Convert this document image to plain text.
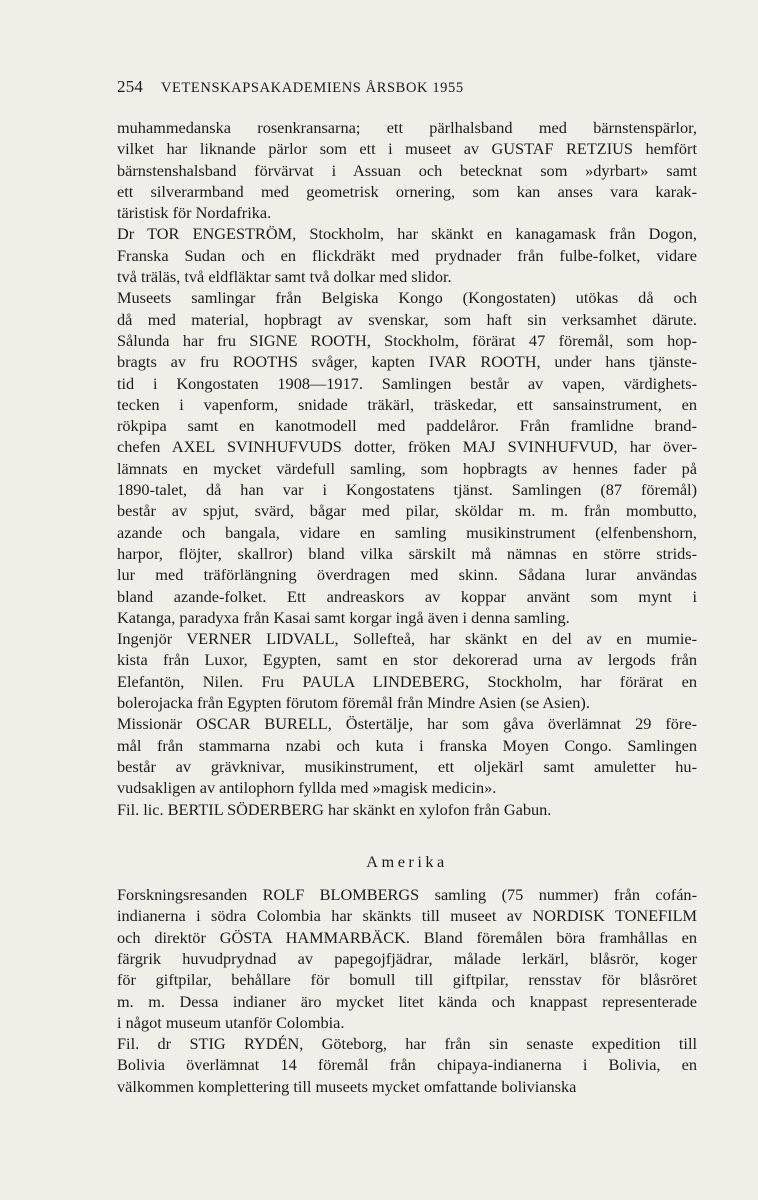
254 VETENSKAPSAKADEMIENS ÅRSBOK 1955
muhammedanska rosenkransarna; ett pärlhalsband med bärnstenspärlor,
vilket har liknande pärlor som ett i museet av GUSTAF RETZIUS hemfört
bärnstenshalsband förvärvat i Assuan och betecknat som »dyrbart» samt
ett silverarmband med geometrisk ornering, som kan anses vara karak-
täristisk för Nordafrika.
Dr TOR ENGESTRÖM, Stockholm, har skänkt en kanagamask från Dogon,
Franska Sudan och en flickdräkt med prydnader från fulbe-folket, vidare
två träläs, två eldfläktar samt två dolkar med slidor.
Museets samlingar från Belgiska Kongo (Kongostaten) utökas då och
då med material, hopbragt av svenskar, som haft sin verksamhet därute.
Sålunda har fru SIGNE ROOTH, Stockholm, förärat 47 föremål, som hop-
bragts av fru ROOTHS svåger, kapten IVAR ROOTH, under hans tjänste-
tid i Kongostaten 1908—1917. Samlingen består av vapen, värdighets-
tecken i vapenform, snidade träkärl, träskedar, ett sansainstrument, en
rökpipa samt en kanotmodell med paddelåror. Från framlidne brand-
chefen AXEL SVINHUFVUDS dotter, fröken MAJ SVINHUFVUD, har över-
lämnats en mycket värdefull samling, som hopbragts av hennes fader på
1890-talet, då han var i Kongostatens tjänst. Samlingen (87 föremål)
består av spjut, svärd, bågar med pilar, sköldar m. m. från mombutto,
azande och bangala, vidare en samling musikinstrument (elfenbenshorn,
harpor, flöjter, skallror) bland vilka särskilt må nämnas en större strids-
lur med träförlängning överdragen med skinn. Sådana lurar användas
bland azande-folket. Ett andreaskors av koppar använt som mynt i
Katanga, paradyxa från Kasai samt korgar ingå även i denna samling.
Ingenjör VERNER LIDVALL, Sollefteå, har skänkt en del av en mumie-
kista från Luxor, Egypten, samt en stor dekorerad urna av lergods från
Elefantön, Nilen. Fru PAULA LINDEBERG, Stockholm, har förärat en
bolerojacka från Egypten förutom föremål från Mindre Asien (se Asien).
Missionär OSCAR BURELL, Östertälje, har som gåva överlämnat 29 före-
mål från stammarna nzabi och kuta i franska Moyen Congo. Samlingen
består av grävknivar, musikinstrument, ett oljekärl samt amuletter hu-
vudsakligen av antilophorn fyllda med »magisk medicin».
Fil. lic. BERTIL SÖDERBERG har skänkt en xylofon från Gabun.
Amerika
Forskningsresanden ROLF BLOMBERGS samling (75 nummer) från cofán-
indianerna i södra Colombia har skänkts till museet av NORDISK TONEFILM
och direktör GÖSTA HAMMARBÄCK. Bland föremålen böra framhållas en
färgrik huvudprydnad av papegojfjädrar, målade lerkärl, blåsrör, koger
för giftpilar, behållare för bomull till giftpilar, rensstav för blåsröret
m. m. Dessa indianer äro mycket litet kända och knappast representerade
i något museum utanför Colombia.
Fil. dr STIG RYDÉN, Göteborg, har från sin senaste expedition till
Bolivia överlämnat 14 föremål från chipaya-indianerna i Bolivia, en
välkommen komplettering till museets mycket omfattande bolivianska
